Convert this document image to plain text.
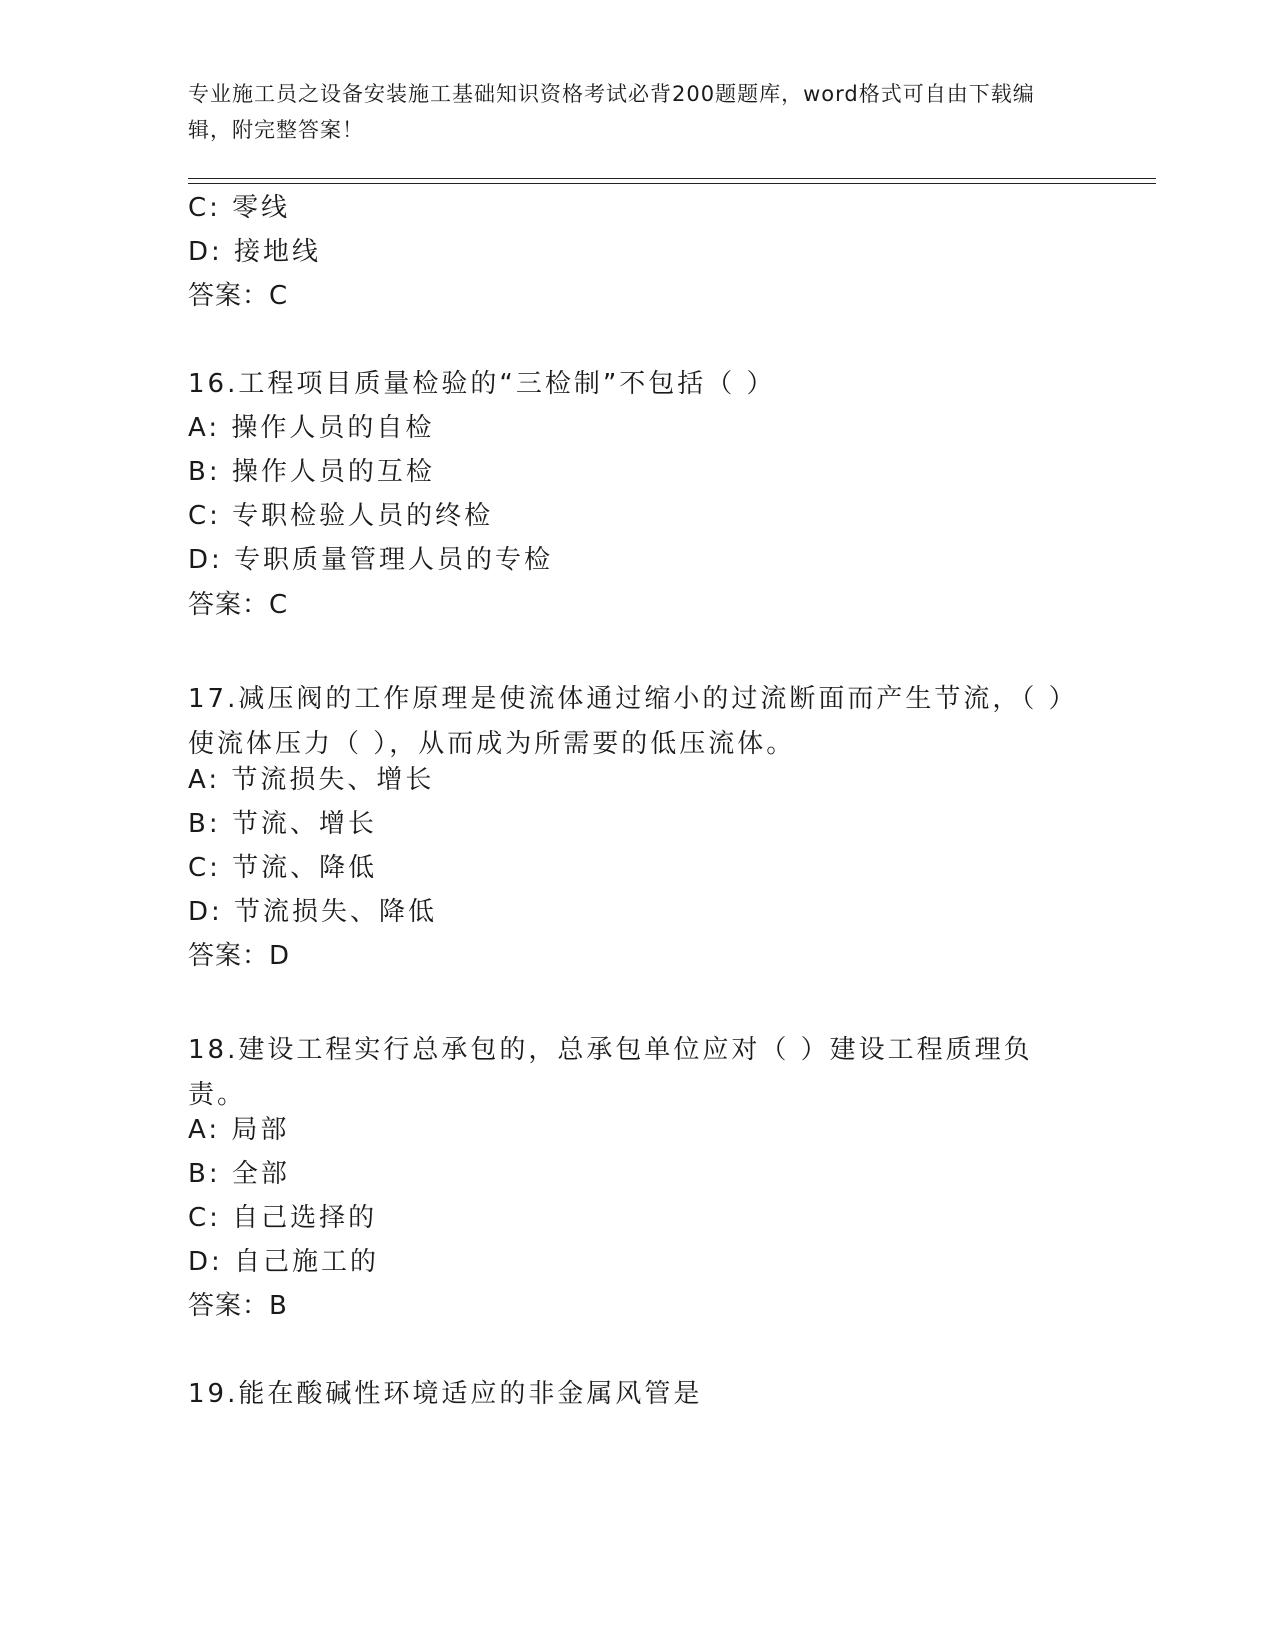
专业施工员之设备安装施工基础知识资格考试必背200题题库，word格式可自由下载编辑，附完整答案！
C: 零线
D: 接地线
答案：C
16.工程项目质量检验的“三检制”不包括（ ）
A: 操作人员的自检
B: 操作人员的互检
C: 专职检验人员的终检
D: 专职质量管理人员的专检
答案：C
17.减压阀的工作原理是使流体通过缩小的过流断面而产生节流，（ ）使流体压力（ ），从而成为所需要的低压流体。
A: 节流损失、增长
B: 节流、增长
C: 节流、降低
D: 节流损失、降低
答案：D
18.建设工程实行总承包的，总承包单位应对（ ）建设工程质理负责。
A: 局部
B: 全部
C: 自己选择的
D: 自己施工的
答案：B
19.能在酸碱性环境适应的非金属风管是
